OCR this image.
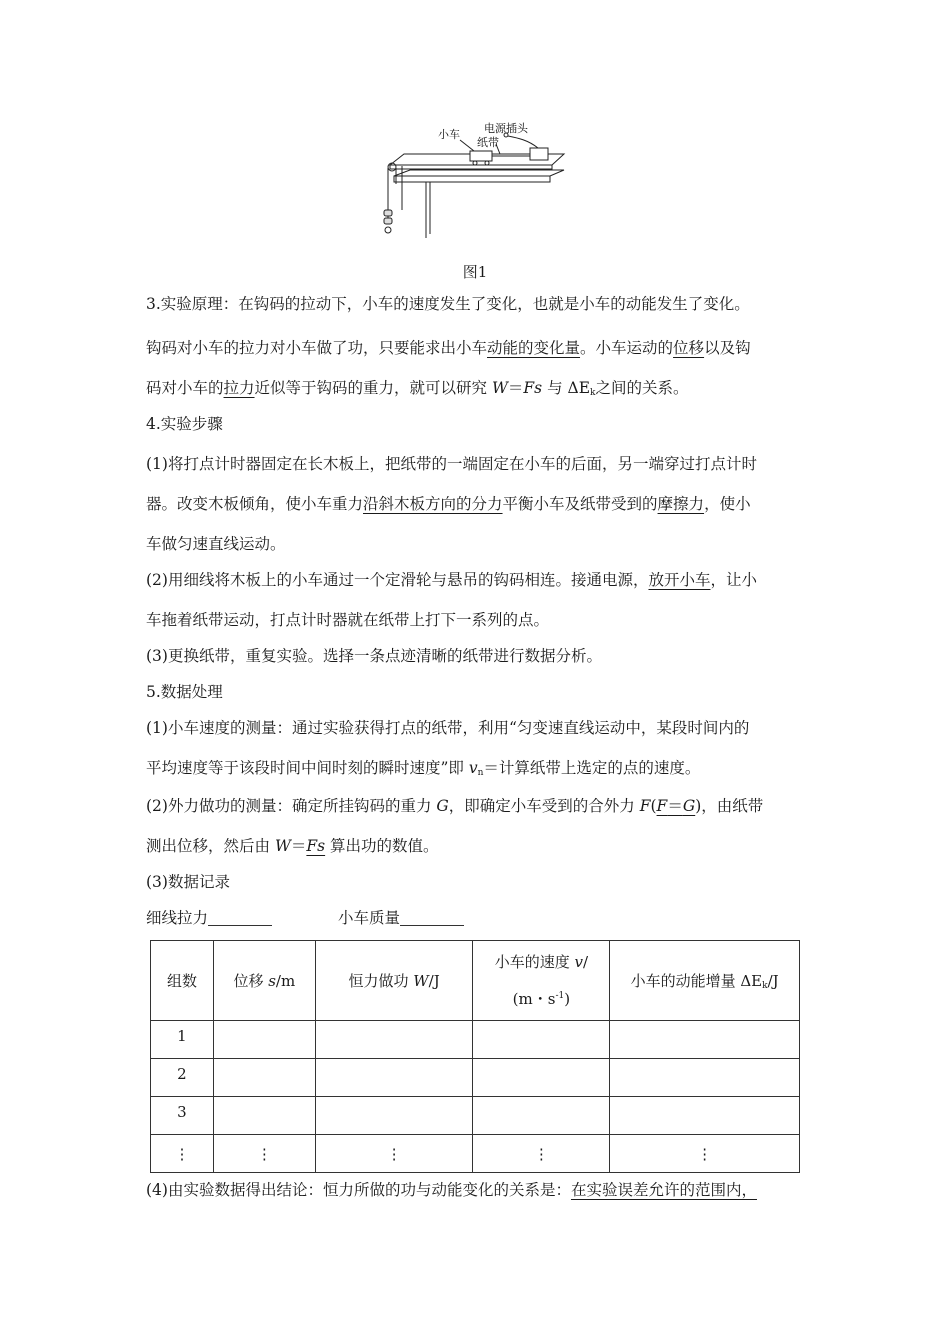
小车
纸带
电源插头
图1
3.实验原理：在钩码的拉动下，小车的速度发生了变化，也就是小车的动能发生了变化。
钩码对小车的拉力对小车做了功，只要能求出小车动能的变化量。小车运动的位移以及钩
码对小车的拉力近似等于钩码的重力，就可以研究 W＝Fs 与 $\Delta E_k$之间的关系。
4.实验步骤
(1)将打点计时器固定在长木板上，把纸带的一端固定在小车的后面，另一端穿过打点计时
器。改变木板倾角，使小车重力沿斜木板方向的分力平衡小车及纸带受到的摩擦力，使小
车做匀速直线运动。
(2)用细线将木板上的小车通过一个定滑轮与悬吊的钩码相连。接通电源，放开小车，让小
车拖着纸带运动，打点计时器就在纸带上打下一系列的点。
(3)更换纸带，重复实验。选择一条点迹清晰的纸带进行数据分析。
5.数据处理
(1)小车速度的测量：通过实验获得打点的纸带，利用“匀变速直线运动中，某段时间内的
平均速度等于该段时间中间时刻的瞬时速度”即 $v_n=$计算纸带上选定的点的速度。
(2)外力做功的测量：确定所挂钩码的重力 G，即确定小车受到的合外力 F(F＝G)，由纸带
测出位移，然后由 W＝Fs 算出功的数值。
(3)数据记录
细线拉力	小车质量
组数	位移 s/m	恒力做功 W/J	小车的速度 v/
(m・$s^{-1}$)	小车的动能增量 $\Delta E_k/J$
1				
2				
3				
⋮	⋮	⋮	⋮	⋮
(4)由实验数据得出结论：恒力所做的功与动能变化的关系是：在实验误差允许的范围内，
